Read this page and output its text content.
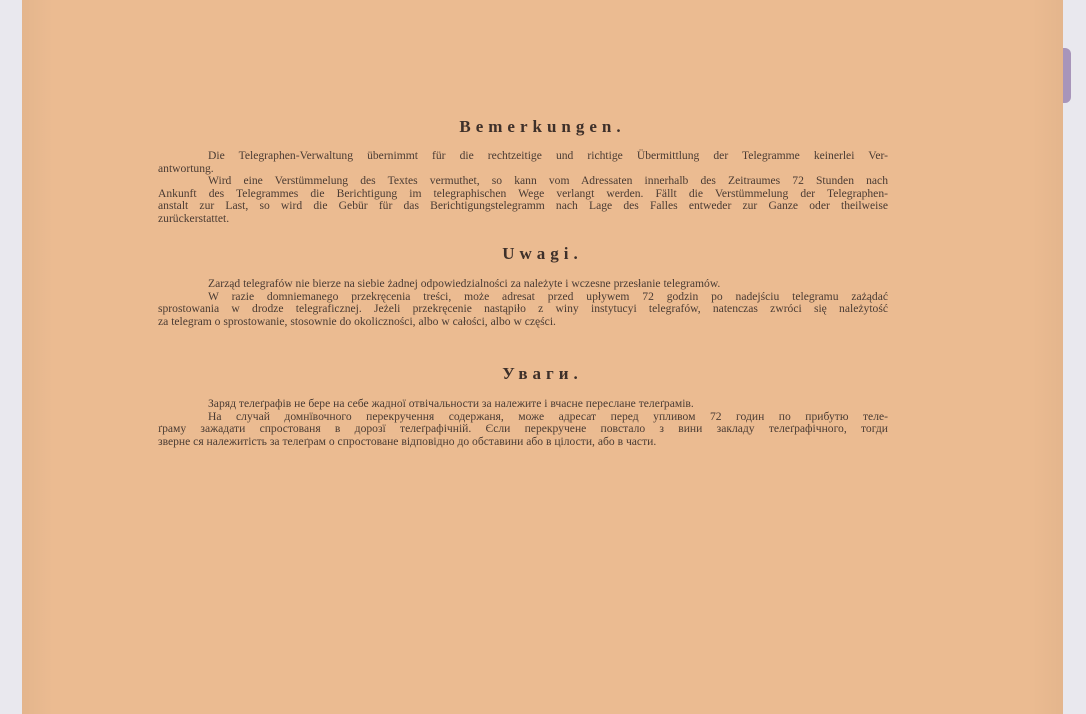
Bemerkungen.
Die Telegraphen-Verwaltung übernimmt für die rechtzeitige und richtige Übermittlung der Telegramme keinerlei Ver-
antwortung.
Wird eine Verstümmelung des Textes vermuthet, so kann vom Adressaten innerhalb des Zeitraumes 72 Stunden nach
Ankunft des Telegrammes die Berichtigung im telegraphischen Wege verlangt werden. Fällt die Verstümmelung der Telegraphen-
anstalt zur Last, so wird die Gebür für das Berichtigungstelegramm nach Lage des Falles entweder zur Ganze oder theilweise
zurückerstattet.
Uwagi.
Zarząd telegrafów nie bierze na siebie żadnej odpowiedzialności za należyte i wczesne przesłanie telegramów.
W razie domniemanego przekręcenia treści, może adresat przed upływem 72 godzin po nadejściu telegramu zażądać
sprostowania w drodze telegraficznej. Jeżeli przekręcenie nastąpiło z winy instytucyi telegrafów, natenczas zwróci się należytość
za telegram o sprostowanie, stosownie do okoliczności, albo w całości, albo w części.
Уваги.
Заряд телеґрафів не бере на себе жадної отвічальности за належите і вчасне переслане телеґрамів.
На случай домнївочного перекручення содержаня, може адресат перед упливом 72 годин по прибутю теле-
ґраму зажадати спростованя в дорозї телеґрафічній. Єсли перекручене повстало з вини закладу телеґрафічного, тогди
зверне ся належитість за телеґрам о спростоване відповідно до обставини або в цілости, або в части.
